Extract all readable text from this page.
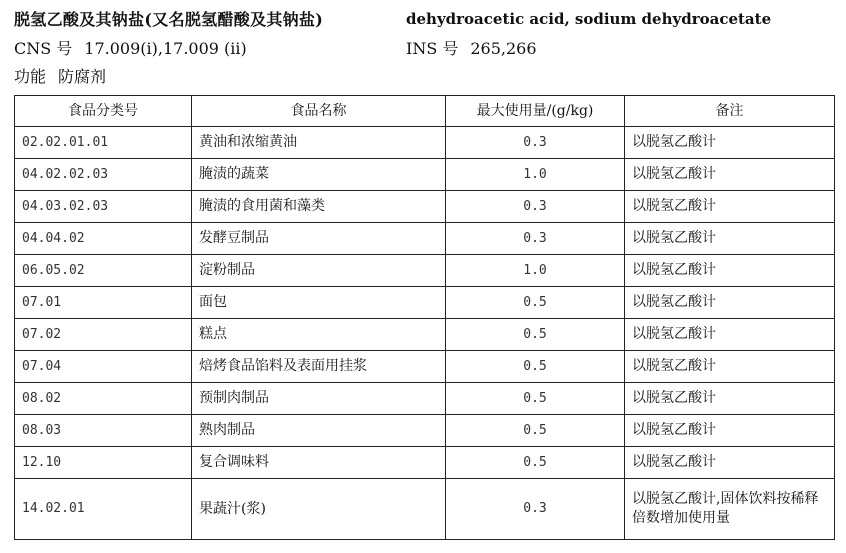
脱氢乙酸及其钠盐(又名脱氢醋酸及其钠盐)	dehydroacetic acid, sodium dehydroacetate
CNS 号 17.009(i),17.009 (ii)	INS 号 265,266
功能 防腐剂
食品分类号	食品名称	最大使用量/(g/kg)	备注
02.02.01.01	黄油和浓缩黄油	0.3	以脱氢乙酸计
04.02.02.03	腌渍的蔬菜	1.0	以脱氢乙酸计
04.03.02.03	腌渍的食用菌和藻类	0.3	以脱氢乙酸计
04.04.02	发酵豆制品	0.3	以脱氢乙酸计
06.05.02	淀粉制品	1.0	以脱氢乙酸计
07.01	面包	0.5	以脱氢乙酸计
07.02	糕点	0.5	以脱氢乙酸计
07.04	焙烤食品馅料及表面用挂浆	0.5	以脱氢乙酸计
08.02	预制肉制品	0.5	以脱氢乙酸计
08.03	熟肉制品	0.5	以脱氢乙酸计
12.10	复合调味料	0.5	以脱氢乙酸计
14.02.01	果蔬汁(浆)	0.3	以脱氢乙酸计,固体饮料按稀释倍数增加使用量
